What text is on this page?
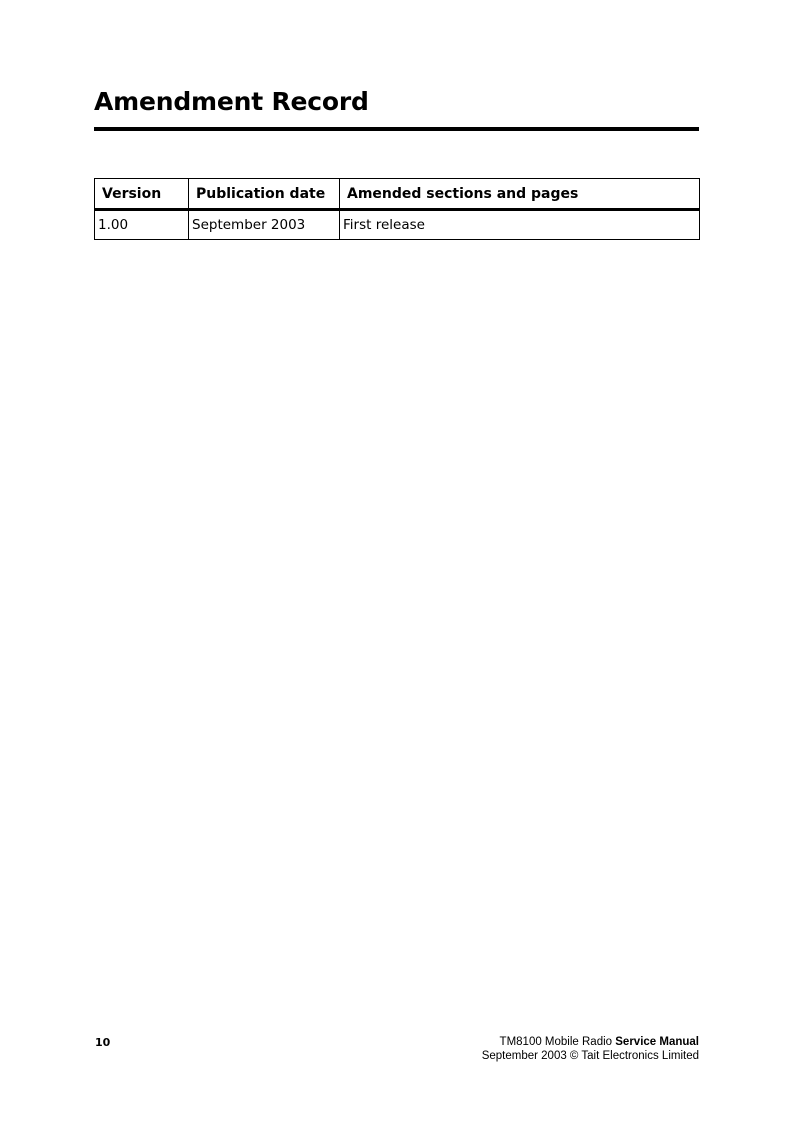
Amendment Record
Version	Publication date	Amended sections and pages
1.00	September 2003	First release
10	TM8100 Mobile Radio Service Manual
September 2003 © Tait Electronics Limited
